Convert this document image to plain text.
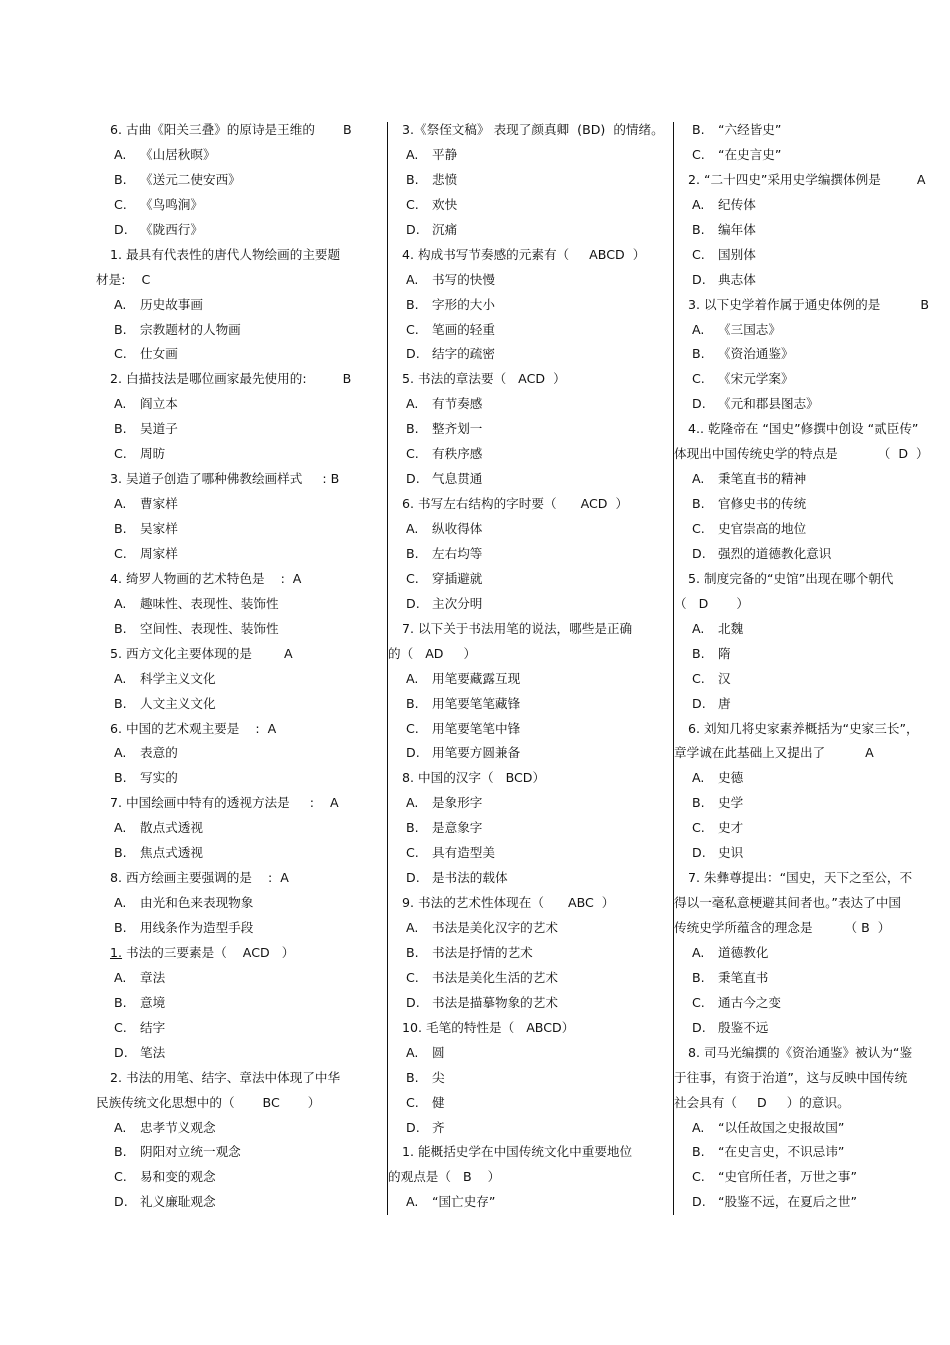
6. 古曲《阳关三叠》的原诗是王维的       B
A. 《山居秋暝》
B. 《送元二使安西》
C. 《鸟鸣涧》
D. 《陇西行》
1. 最具有代表性的唐代人物绘画的主要题
材是:    C
A. 历史故事画
B. 宗教题材的人物画
C. 仕女画
2. 白描技法是哪位画家最先使用的:         B
A. 阎立本
B. 吴道子
C. 周昉
3. 吴道子创造了哪种佛教绘画样式     : B
A. 曹家样
B. 吴家样
C. 周家样
4. 绮罗人物画的艺术特色是    :  A
A. 趣味性、表现性、装饰性
B. 空间性、表现性、装饰性
5. 西方文化主要体现的是        A
A. 科学主义文化
B. 人文主义文化
6. 中国的艺术观主要是    :  A
A. 表意的
B. 写实的
7. 中国绘画中特有的透视方法是     :    A
A. 散点式透视
B. 焦点式透视
8. 西方绘画主要强调的是    :  A
A. 由光和色来表现物象
B. 用线条作为造型手段
1. 书法的三要素是（    ACD   ）
A. 章法
B. 意境
C. 结字
D. 笔法
2. 书法的用笔、结字、章法中体现了中华
民族传统文化思想中的（       BC       ）
A. 忠孝节义观念
B. 阴阳对立统一观念
C. 易和变的观念
D. 礼义廉耻观念
3.《祭侄文稿》 表现了颜真卿  (BD)  的情绪。
A. 平静
B. 悲愤
C. 欢快
D. 沉痛
4. 构成书写节奏感的元素有（     ABCD  ）
A. 书写的快慢
B. 字形的大小
C. 笔画的轻重
D. 结字的疏密
5. 书法的章法要（   ACD  ）
A. 有节奏感
B. 整齐划一
C. 有秩序感
D. 气息贯通
6. 书写左右结构的字时要（      ACD  ）
A. 纵收得体
B. 左右均等
C. 穿插避就
D. 主次分明
7. 以下关于书法用笔的说法，哪些是正确
的（   AD     ）
A. 用笔要藏露互现
B. 用笔要笔笔藏锋
C. 用笔要笔笔中锋
D. 用笔要方圆兼备
8. 中国的汉字（   BCD）
A. 是象形字
B. 是意象字
C. 具有造型美
D. 是书法的载体
9. 书法的艺术性体现在（      ABC  ）
A. 书法是美化汉字的艺术
B. 书法是抒情的艺术
C. 书法是美化生活的艺术
D. 书法是描摹物象的艺术
10. 毛笔的特性是（   ABCD）
A. 圆
B. 尖
C. 健
D. 齐
1. 能概括史学在中国传统文化中重要地位
的观点是（   B    ）
A. “国亡史存”
B. “六经皆史”
C. “在史言史”
2. “二十四史”采用史学编撰体例是         A
A. 纪传体
B. 编年体
C. 国别体
D. 典志体
3. 以下史学着作属于通史体例的是          B
A. 《三国志》
B. 《资治通鉴》
C. 《宋元学案》
D. 《元和郡县图志》
4.. 乾隆帝在 “国史”修撰中创设 “贰臣传”
体现出中国传统史学的特点是          （  D  ）
A. 秉笔直书的精神
B. 官修史书的传统
C. 史官崇高的地位
D. 强烈的道德教化意识
5. 制度完备的“史馆”出现在哪个朝代
（   D       ）
A. 北魏
B. 隋
C. 汉
D. 唐
6. 刘知几将史家素养概括为“史家三长”，
章学诚在此基础上又提出了          A
A. 史德
B. 史学
C. 史才
D. 史识
7. 朱彝尊提出：“国史，天下之至公，不
得以一毫私意梗避其间者也。”表达了中国
传统史学所蕴含的理念是        （ B  ）
A. 道德教化
B. 秉笔直书
C. 通古今之变
D. 殷鉴不远
8. 司马光编撰的《资治通鉴》被认为“鉴
于往事，有资于治道”，这与反映中国传统
社会具有（     D     ）的意识。
A. “以任故国之史报故国”
B. “在史言史，不识忌讳”
C. “史官所任者，万世之事”
D. “股鉴不远，在夏后之世”
